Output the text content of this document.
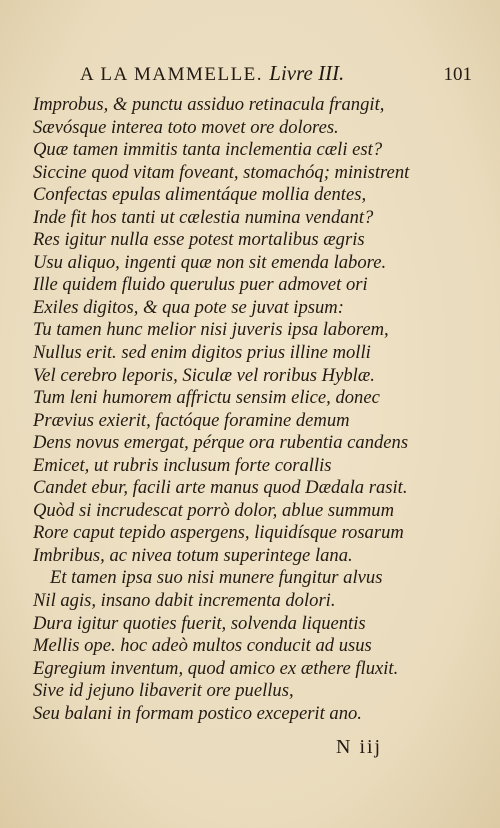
A LA MAMMELLE. Livre III.	101
Improbus, & punctu assiduo retinacula frangit,
Sævósque interea toto movet ore dolores.
Quæ tamen immitis tanta inclementia cæli est?
Siccine quod vitam foveant, stomachóq; ministrent
Confectas epulas alimentáque mollia dentes,
Inde fit hos tanti ut cælestia numina vendant?
Res igitur nulla esse potest mortalibus ægris
Usu aliquo, ingenti quæ non sit emenda labore.
Ille quidem fluido querulus puer admovet ori
Exiles digitos, & qua pote se juvat ipsum:
Tu tamen hunc melior nisi juveris ipsa laborem,
Nullus erit. sed enim digitos prius illine molli
Vel cerebro leporis, Siculæ vel roribus Hyblæ.
Tum leni humorem affrictu sensim elice, donec
Prævius exierit, factóque foramine demum
Dens novus emergat, pérque ora rubentia candens
Emicet, ut rubris inclusum forte corallis
Candet ebur, facili arte manus quod Dædala rasit.
Quòd si incrudescat porrò dolor, ablue summum
Rore caput tepido aspergens, liquidísque rosarum
Imbribus, ac nivea totum superintege lana.
Et tamen ipsa suo nisi munere fungitur alvus
Nil agis, insano dabit incrementa dolori.
Dura igitur quoties fuerit, solvenda liquentis
Mellis ope. hoc adeò multos conducit ad usus
Egregium inventum, quod amico ex æthere fluxit.
Sive id jejuno libaverit ore puellus,
Seu balani in formam postico exceperit ano.
N iij
